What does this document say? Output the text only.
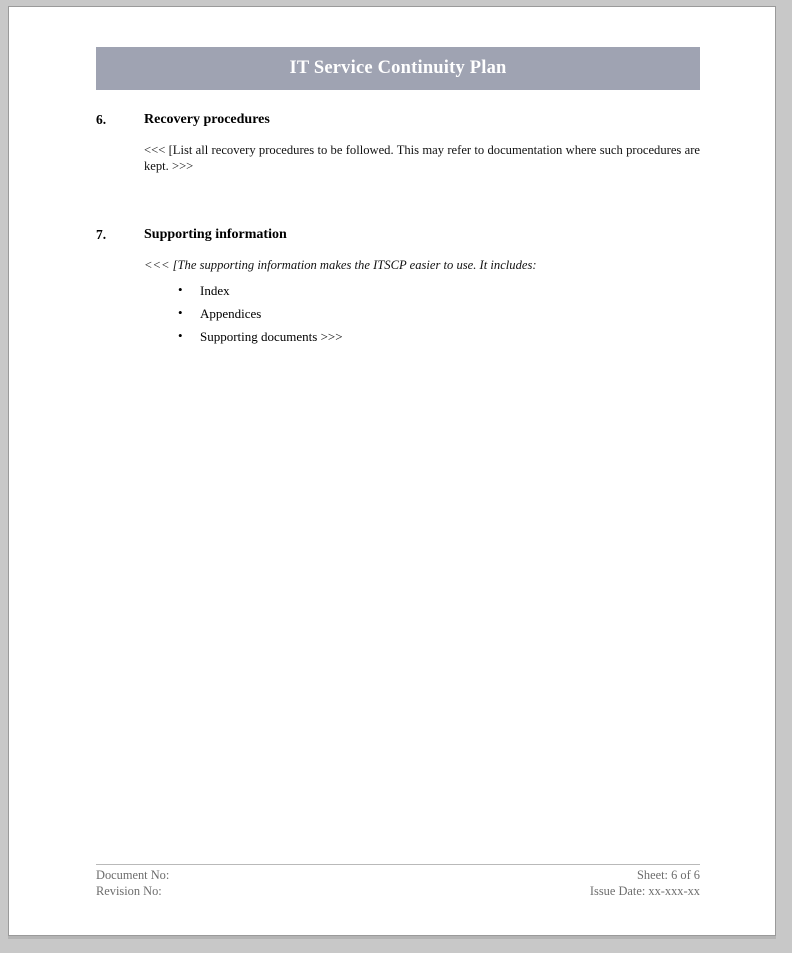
IT Service Continuity Plan
6.	Recovery procedures
<<< [List all recovery procedures to be followed. This may refer to documentation where such procedures are kept. >>>
7.	Supporting information
<<< [The supporting information makes the ITSCP easier to use. It includes:
• Index
• Appendices
• Supporting documents >>>
Document No:
Revision No:
Sheet: 6 of 6
Issue Date: xx-xxx-xx
